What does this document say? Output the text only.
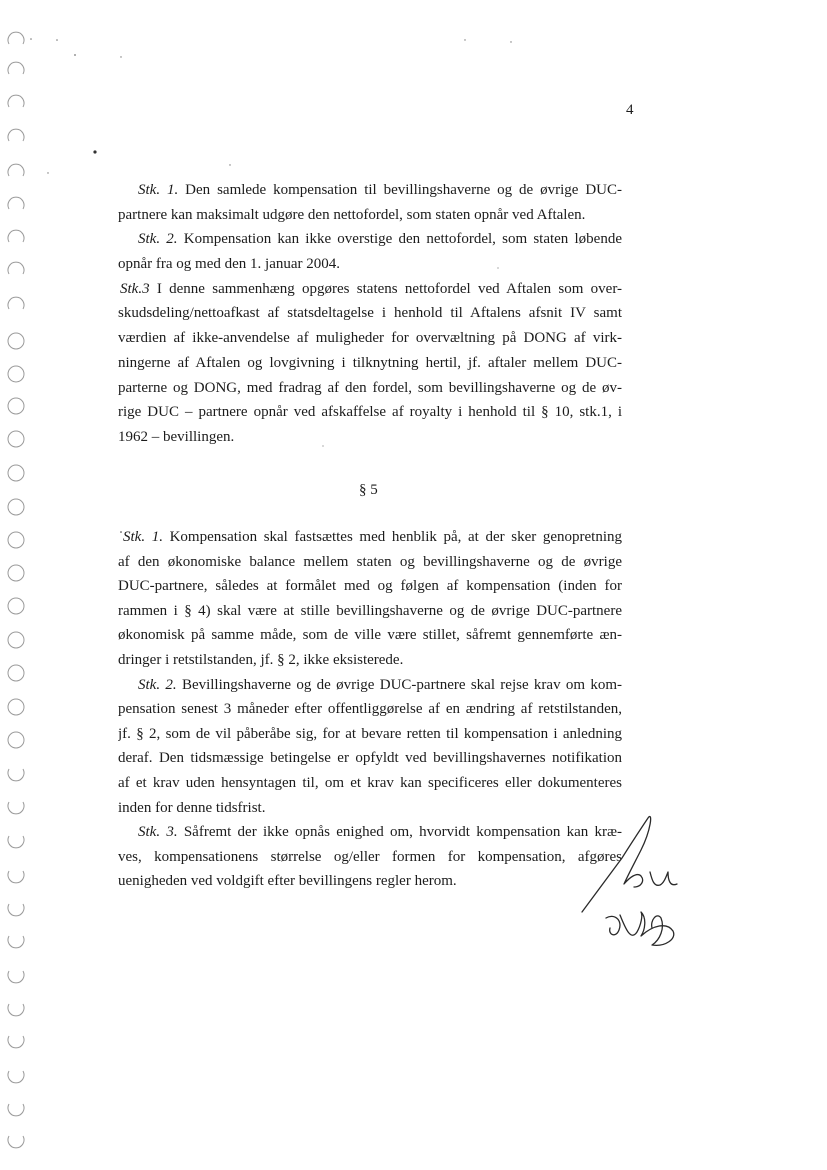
4
Stk. 1. Den samlede kompensation til bevillingshaverne og de øvrige DUC-
partnere kan maksimalt udgøre den nettofordel, som staten opnår ved Aftalen.
Stk. 2. Kompensation kan ikke overstige den nettofordel, som staten løbende
opnår fra og med den 1. januar 2004.
Stk.3 I denne sammenhæng opgøres statens nettofordel ved Aftalen som over-
skudsdeling/nettoafkast af statsdeltagelse i henhold til Aftalens afsnit IV samt
værdien af ikke-anvendelse af muligheder for overvæltning på DONG af virk-
ningerne af Aftalen og lovgivning i tilknytning hertil, jf. aftaler mellem DUC-
parterne og DONG, med fradrag af den fordel, som bevillingshaverne og de øv-
rige DUC – partnere opnår ved afskaffelse af royalty i henhold til § 10, stk.1, i
1962 – bevillingen.
§ 5
Stk. 1. Kompensation skal fastsættes med henblik på, at der sker genopretning
af den økonomiske balance mellem staten og bevillingshaverne og de øvrige
DUC-partnere, således at formålet med og følgen af kompensation (inden for
rammen i § 4) skal være at stille bevillingshaverne og de øvrige DUC-partnere
økonomisk på samme måde, som de ville være stillet, såfremt gennemførte æn-
dringer i retstilstanden, jf. § 2, ikke eksisterede.
Stk. 2. Bevillingshaverne og de øvrige DUC-partnere skal rejse krav om kom-
pensation senest 3 måneder efter offentliggørelse af en ændring af retstilstanden,
jf. § 2, som de vil påberåbe sig, for at bevare retten til kompensation i anledning
deraf. Den tidsmæssige betingelse er opfyldt ved bevillingshavernes notifikation
af et krav uden hensyntagen til, om et krav kan specificeres eller dokumenteres
inden for denne tidsfrist.
Stk. 3. Såfremt der ikke opnås enighed om, hvorvidt kompensation kan kræ-
ves, kompensationens størrelse og/eller formen for kompensation, afgøres
uenigheden ved voldgift efter bevillingens regler herom.
